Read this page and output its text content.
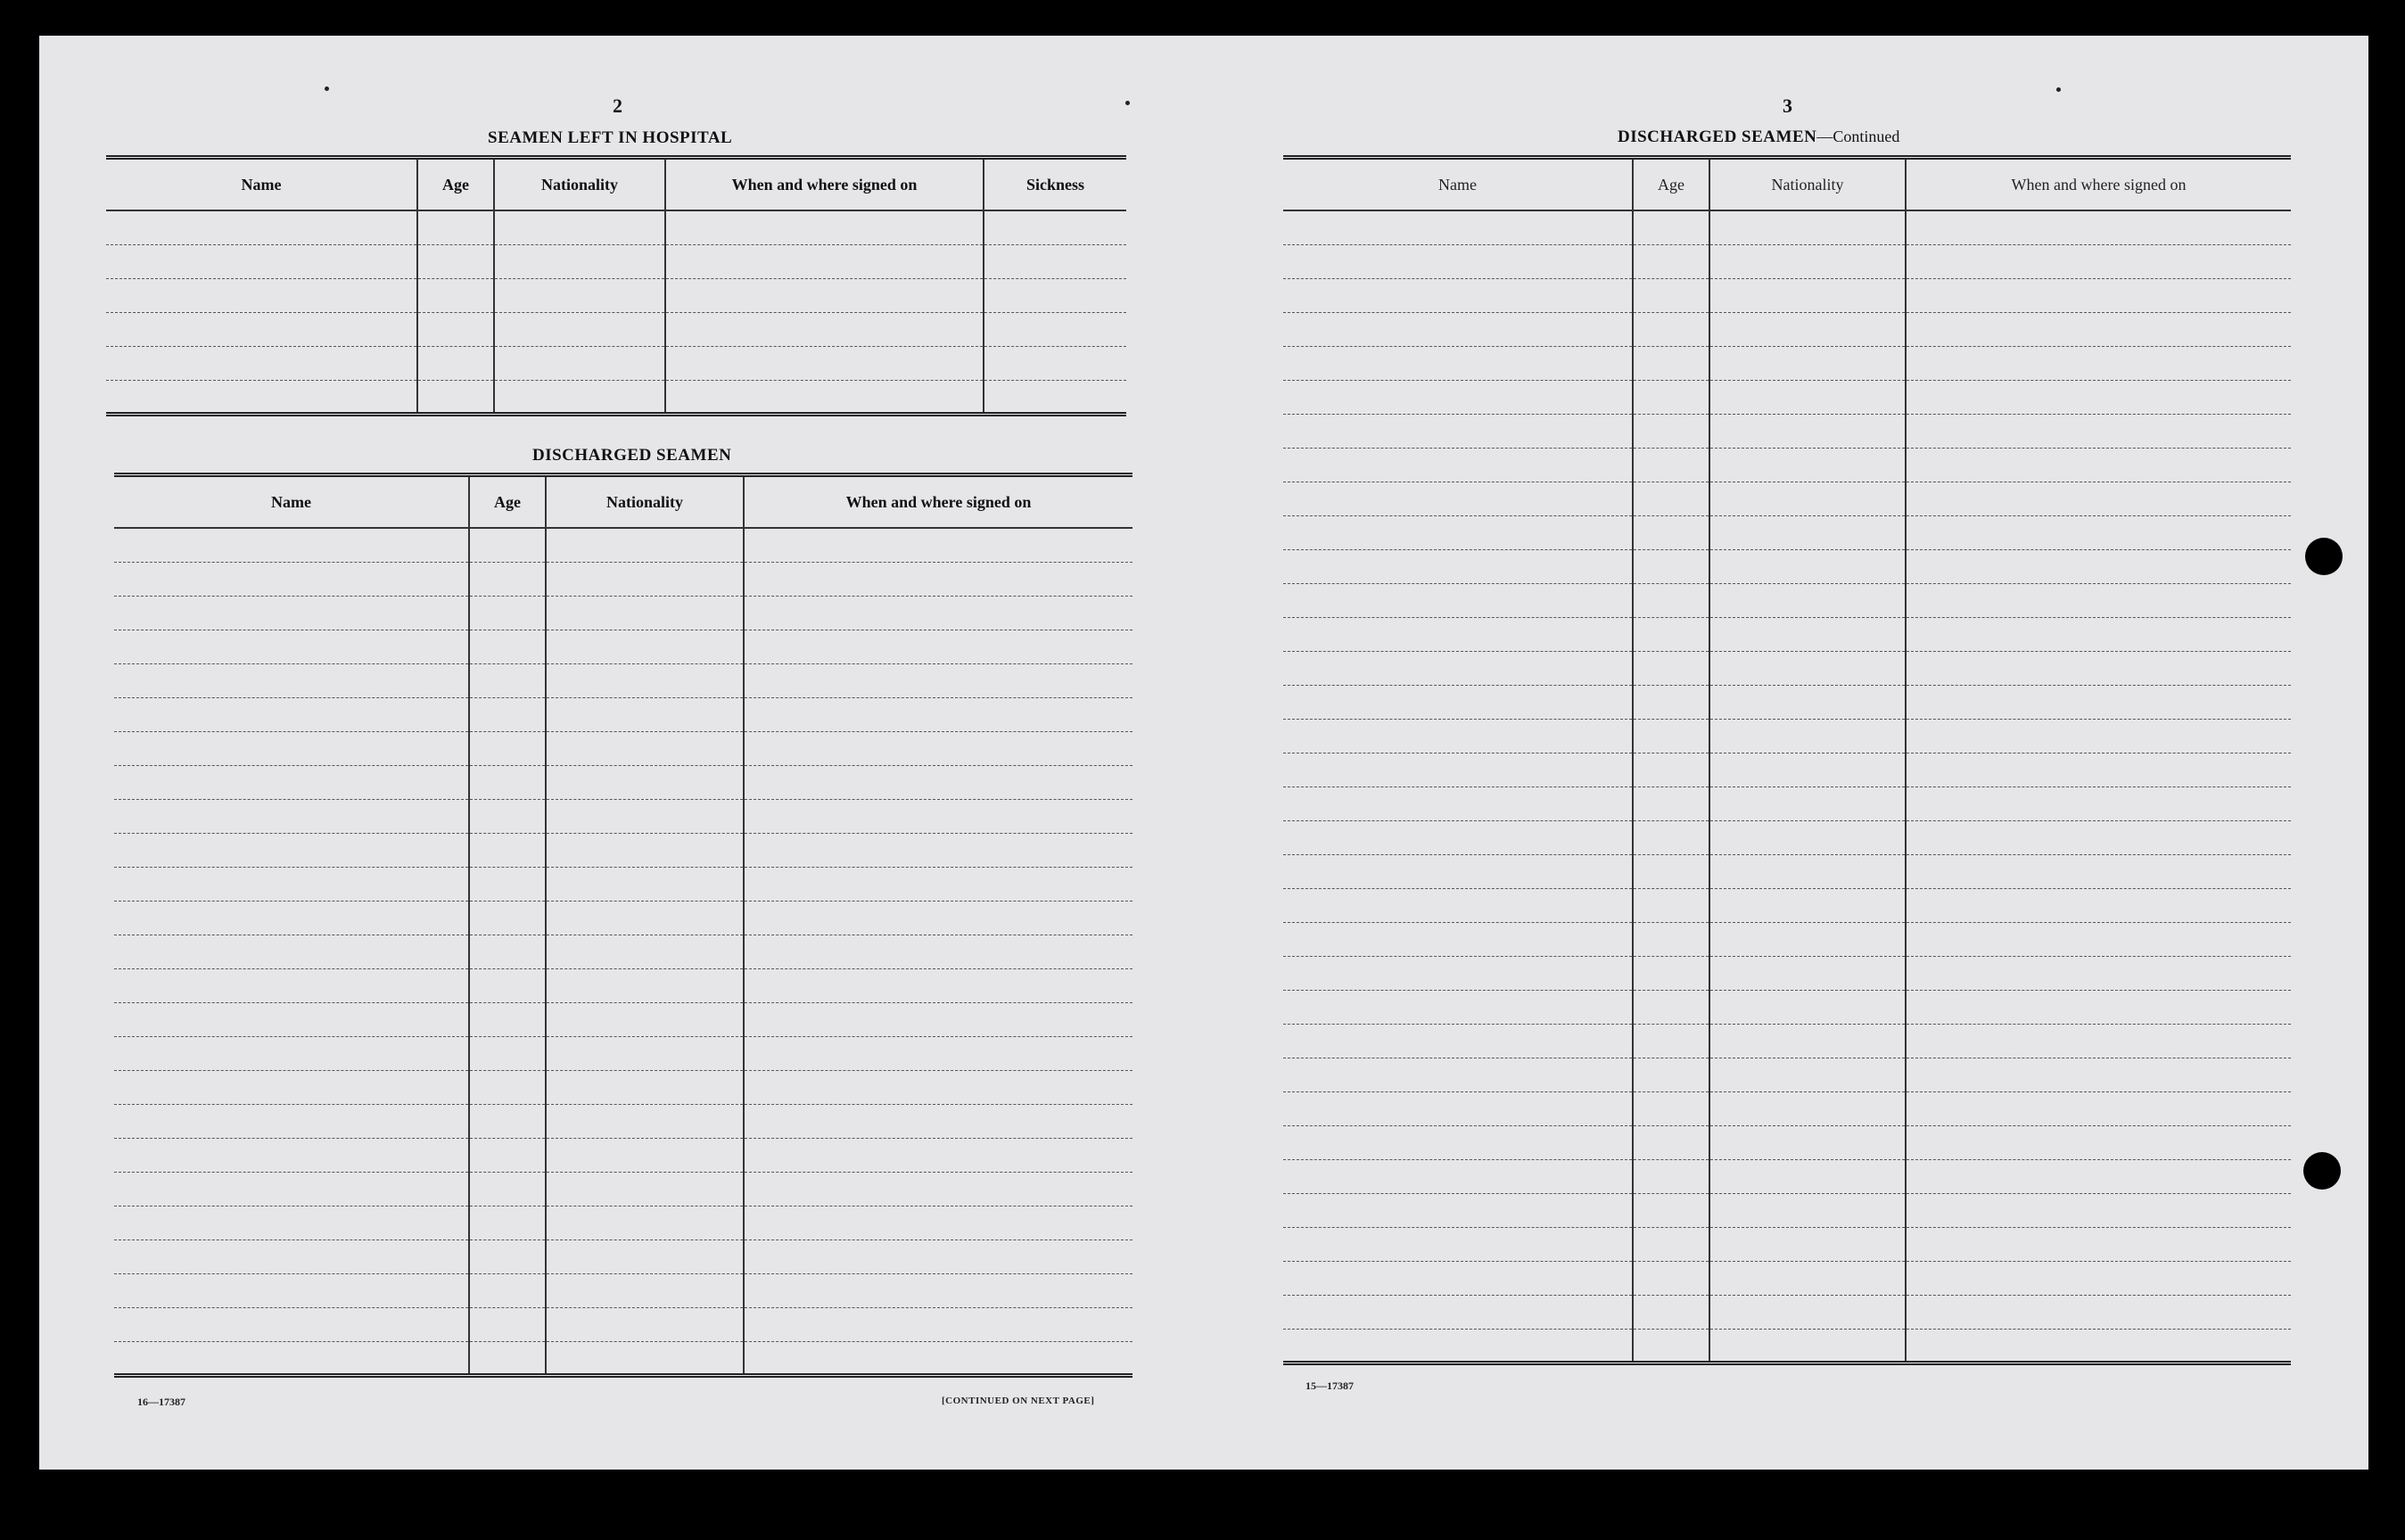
2
SEAMEN LEFT IN HOSPITAL
Name	Age	Nationality	When and where signed on	Sickness

DISCHARGED SEAMEN
Name	Age	Nationality	When and where signed on

16—17387	[CONTINUED ON NEXT PAGE]
3
DISCHARGED SEAMEN—Continued
Name	Age	Nationality	When and where signed on

15—17387
